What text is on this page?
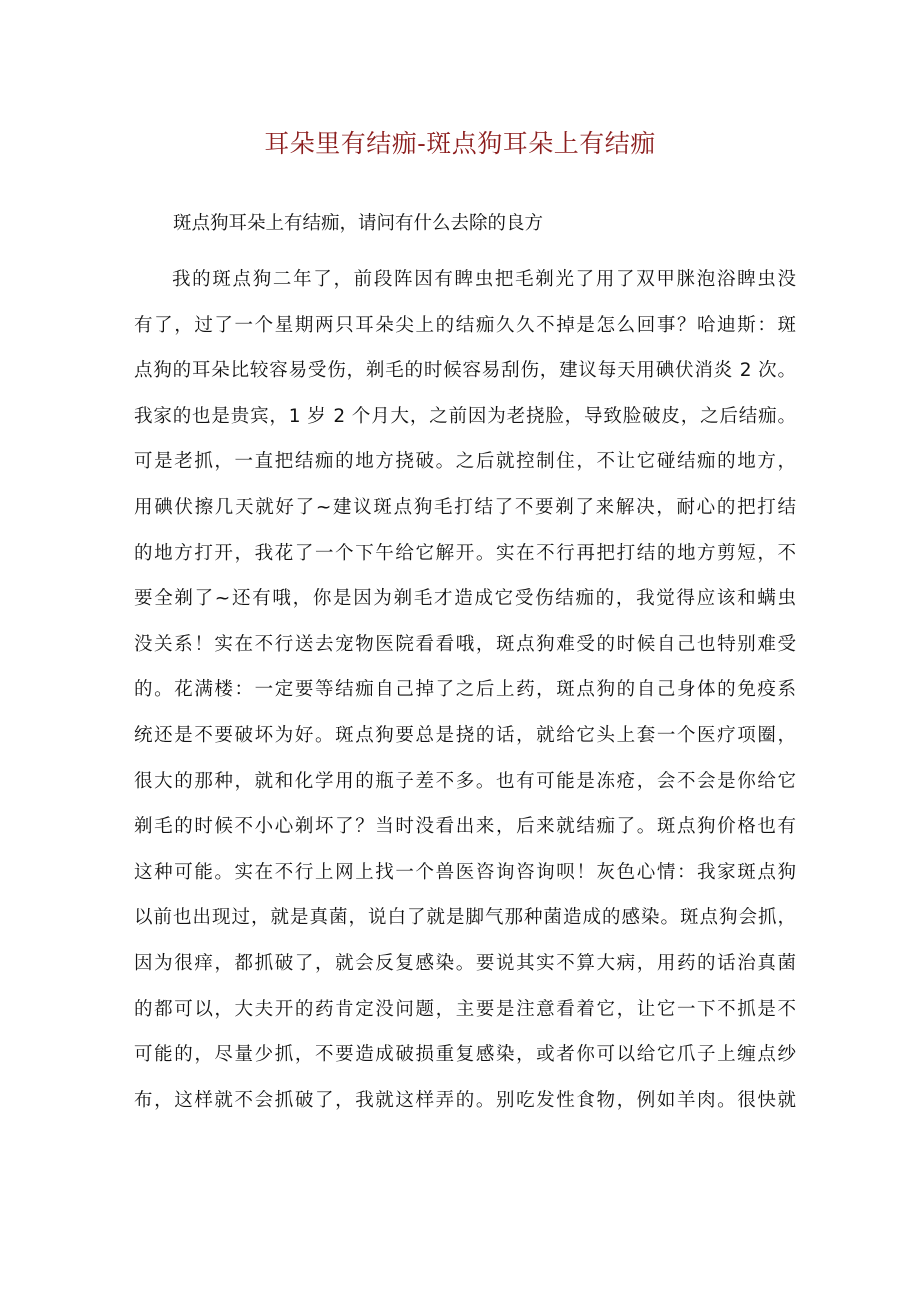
耳朵里有结痂-斑点狗耳朵上有结痂

斑点狗耳朵上有结痂，请问有什么去除的良方

我的斑点狗二年了，前段阵因有睥虫把毛剃光了用了双甲脒泡浴睥虫没
有了，过了一个星期两只耳朵尖上的结痂久久不掉是怎么回事？哈迪斯：斑
点狗的耳朵比较容易受伤，剃毛的时候容易刮伤，建议每天用碘伏消炎 2 次。
我家的也是贵宾，1 岁 2 个月大，之前因为老挠脸，导致脸破皮，之后结痂。
可是老抓，一直把结痂的地方挠破。之后就控制住，不让它碰结痂的地方，
用碘伏擦几天就好了~建议斑点狗毛打结了不要剃了来解决，耐心的把打结
的地方打开，我花了一个下午给它解开。实在不行再把打结的地方剪短，不
要全剃了~还有哦，你是因为剃毛才造成它受伤结痂的，我觉得应该和螨虫
没关系！实在不行送去宠物医院看看哦，斑点狗难受的时候自己也特别难受
的。花满楼：一定要等结痂自己掉了之后上药，斑点狗的自己身体的免疫系
统还是不要破坏为好。斑点狗要总是挠的话，就给它头上套一个医疗项圈，
很大的那种，就和化学用的瓶子差不多。也有可能是冻疮，会不会是你给它
剃毛的时候不小心剃坏了？当时没看出来，后来就结痂了。斑点狗价格也有
这种可能。实在不行上网上找一个兽医咨询咨询呗！灰色心情：我家斑点狗
以前也出现过，就是真菌，说白了就是脚气那种菌造成的感染。斑点狗会抓，
因为很痒，都抓破了，就会反复感染。要说其实不算大病，用药的话治真菌
的都可以，大夫开的药肯定没问题，主要是注意看着它，让它一下不抓是不
可能的，尽量少抓，不要造成破损重复感染，或者你可以给它爪子上缠点纱
布，这样就不会抓破了，我就这样弄的。别吃发性食物，例如羊肉。很快就
